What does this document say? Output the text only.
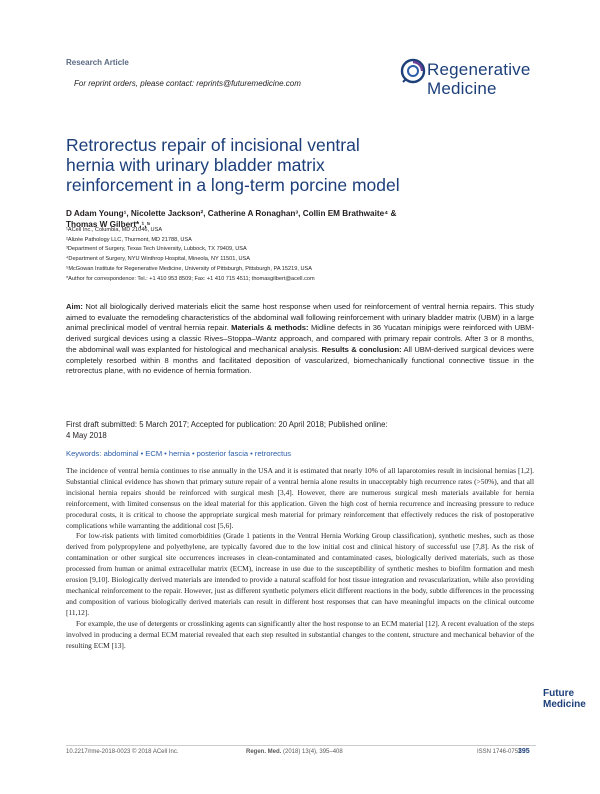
Research Article
For reprint orders, please contact: reprints@futuremedicine.com
Regenerative
Medicine
Retrorectus repair of incisional ventral
hernia with urinary bladder matrix
reinforcement in a long-term porcine model
D Adam Young¹, Nicolette Jackson², Catherine A Ronaghan³, Collin EM Brathwaite⁴ &
Thomas W Gilbert*,¹,⁵
¹ACell Inc., Columbia, MD 21046, USA
²Alizée Pathology LLC, Thurmont, MD 21788, USA
³Department of Surgery, Texas Tech University, Lubbock, TX 79409, USA
⁴Department of Surgery, NYU Winthrop Hospital, Mineola, NY 11501, USA
⁵McGowan Institute for Regenerative Medicine, University of Pittsburgh, Pittsburgh, PA 15219, USA
*Author for correspondence: Tel.: +1 410 953 8509; Fax: +1 410 715 4511; thomasgilbert@acell.com
Aim: Not all biologically derived materials elicit the same host response when used for reinforcement of ventral hernia repairs. This study aimed to evaluate the remodeling characteristics of the abdominal wall following reinforcement with urinary bladder matrix (UBM) in a large animal preclinical model of ventral hernia repair. Materials & methods: Midline defects in 36 Yucatan minipigs were reinforced with UBM-derived surgical devices using a classic Rives–Stoppa–Wantz approach, and compared with primary repair controls. After 3 or 8 months, the abdominal wall was explanted for histological and mechanical analysis. Results & conclusion: All UBM-derived surgical devices were completely resorbed within 8 months and facilitated deposition of vascularized, biomechanically functional connective tissue in the retrorectus plane, with no evidence of hernia formation.
First draft submitted: 5 March 2017; Accepted for publication: 20 April 2018; Published online:
4 May 2018
Keywords: abdominal • ECM • hernia • posterior fascia • retrorectus

The incidence of ventral hernia continues to rise annually in the USA and it is estimated that nearly 10% of all laparotomies result in incisional hernias [1,2]. Substantial clinical evidence has shown that primary suture repair of a ventral hernia alone results in unacceptably high recurrence rates (>50%), and that all incisional hernia repairs should be reinforced with surgical mesh [3,4]. However, there are numerous surgical mesh materials available for hernia reinforcement, with limited consensus on the ideal material for this application. Given the high cost of hernia recurrence and increasing pressure to reduce procedural costs, it is critical to choose the appropriate surgical mesh material for primary reinforcement that effectively reduces the risk of postoperative complications while warranting the additional cost [5,6].

For low-risk patients with limited comorbidities (Grade 1 patients in the Ventral Hernia Working Group classification), synthetic meshes, such as those derived from polypropylene and polyethylene, are typically favored due to the low initial cost and clinical history of successful use [7,8]. As the risk of contamination or other surgical site occurrences increases in clean-contaminated and contaminated cases, biologically derived materials, such as those processed from human or animal extracellular matrix (ECM), increase in use due to the susceptibility of synthetic meshes to biofilm formation and mesh erosion [9,10]. Biologically derived materials are intended to provide a natural scaffold for host tissue integration and revascularization, while also providing mechanical reinforcement to the repair. However, just as different synthetic polymers elicit different reactions in the body, subtle differences in the processing and composition of various biologically derived materials can result in different host responses that can have meaningful impacts on the clinical outcome [11,12].

For example, the use of detergents or crosslinking agents can significantly alter the host response to an ECM material [12]. A recent evaluation of the steps involved in producing a dermal ECM material revealed that each step resulted in substantial changes to the content, structure and mechanical behavior of the resulting ECM [13].

Future
Medicine
10.2217/rme-2018-0023 © 2018 ACell Inc.	Regen. Med. (2018) 13(4), 395–408	ISSN 1746-0751
395
